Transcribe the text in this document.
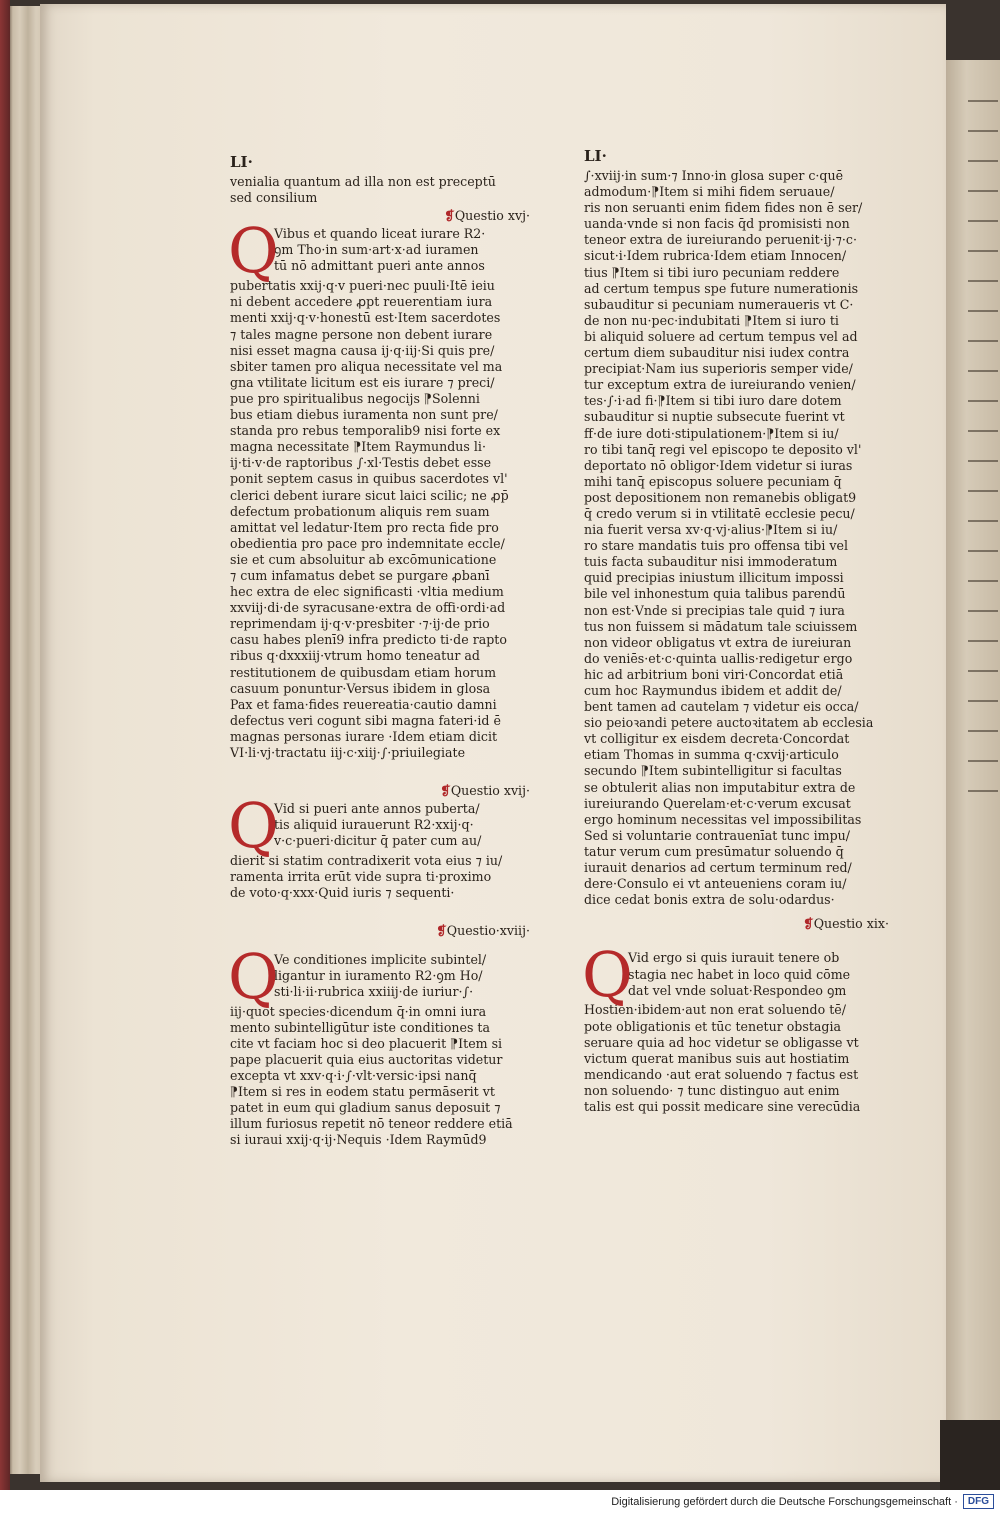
LI·
venialia quantum ad illa non est preceptū
sed consilium
❡Questio xvj·
Q
Vibus et quando liceat iurare R2·
ꝯm Tho·in sum·art·x·ad iuramen
tū nō admittant pueri ante annos
pubertatis xxij·q·v pueri·nec puuli·Itē ieiu
ni debent accedere ꝓpt reuerentiam iura
menti xxij·q·v·honestū est·Item sacerdotes
⁊ tales magne persone non debent iurare
nisi esset magna causa ij·q·iij·Si quis pre/
sbiter tamen pro aliqua necessitate vel ma
gna vtilitate licitum est eis iurare ⁊ preci/
pue pro spiritualibus negocijs ⁋Solenni
bus etiam diebus iuramenta non sunt pre/
standa pro rebus temporalib9 nisi forte ex
magna necessitate ⁋Item Raymundus li·
ij·ti·v·de raptoribus ∫·xl·Testis debet esse
ponit septem casus in quibus sacerdotes vl'
clerici debent iurare sicut laici scilic; ne ꝓp̄
defectum probationum aliquis rem suam
amittat vel ledatur·Item pro recta fide pro
obedientia pro pace pro indemnitate eccle/
sie et cum absoluitur ab excōmunicatione
⁊ cum infamatus debet se purgare ꝓbanī
hec extra de elec significasti ·vltia medium
xxviij·di·de syracusane·extra de offi·ordi·ad
reprimendam ij·q·v·presbiter ·⁊·ij·de prio
casu habes plenī9 infra predicto ti·de rapto
ribus q·dxxxiij·vtrum homo teneatur ad
restitutionem de quibusdam etiam horum
casuum ponuntur·Versus ibidem in glosa
Pax et fama·fides reuereatia·cautio damni
defectus veri cogunt sibi magna fateri·id ē
magnas personas iurare ·Idem etiam dicit
VI·li·vj·tractatu iij·c·xiij·∫·priuilegiate
❡Questio xvij·
Q
Vid si pueri ante annos puberta/
tis aliquid iurauerunt R2·xxij·q·
v·c·pueri·dicitur q̄ pater cum au/
dierit si statim contradixerit vota eius ⁊ iu/
ramenta irrita erūt vide supra ti·proximo
de voto·q·xxx·Quid iuris ⁊ sequenti·
❡Questio·xviij·
Q
Ve conditiones implicite subintel/
ligantur in iuramento R2·ꝯm Ho/
sti·li·ii·rubrica xxiiij·de iuriur·∫·
iij·quot species·dicendum q̄·in omni iura
mento subintelligūtur iste conditiones ta
cite vt faciam hoc si deo placuerit ⁋Item si
pape placuerit quia eius auctoritas videtur
excepta vt xxv·q·i·∫·vlt·versic·ipsi nanq̄
⁋Item si res in eodem statu permāserit vt
patet in eum qui gladium sanus deposuit ⁊
illum furiosus repetit nō teneor reddere etiā
si iuraui xxij·q·ij·Nequis ·Idem Raymūd9
LI·
∫·xviij·in sum·⁊ Inno·in glosa super c·quē
admodum·⁋Item si mihi fidem seruaue/
ris non seruanti enim fidem fides non ē ser/
uanda·vnde si non facis q̄d promisisti non
teneor extra de iureiurando peruenit·ij·⁊·c·
sicut·i·Idem rubrica·Idem etiam Innocen/
tius ⁋Item si tibi iuro pecuniam reddere
ad certum tempus spe future numerationis
subauditur si pecuniam numeraueris vt C·
de non nu·pec·indubitati ⁋Item si iuro ti
bi aliquid soluere ad certum tempus vel ad
certum diem subauditur nisi iudex contra
precipiat·Nam ius superioris semper vide/
tur exceptum extra de iureiurando venien/
tes·∫·i·ad fi·⁋Item si tibi iuro dare dotem
subauditur si nuptie subsecute fuerint vt
ff·de iure doti·stipulationem·⁋Item si iu/
ro tibi tanq̄ regi vel episcopo te deposito vl'
deportato nō obligor·Idem videtur si iuras
mihi tanq̄ episcopus soluere pecuniam q̄
post depositionem non remanebis obligat9
q̄ credo verum si in vtilitatē ecclesie pecu/
nia fuerit versa xv·q·vj·alius·⁋Item si iu/
ro stare mandatis tuis pro offensa tibi vel
tuis facta subauditur nisi immoderatum
quid precipias iniustum illicitum impossi
bile vel inhonestum quia talibus parendū
non est·Vnde si precipias tale quid ⁊ iura
tus non fuissem si mādatum tale sciuissem
non videor obligatus vt extra de iureiuran
do veniēs·et·c·quinta uallis·redigetur ergo
hic ad arbitrium boni viri·Concordat etiā
cum hoc Raymundus ibidem et addit de/
bent tamen ad cautelam ⁊ videtur eis occa/
sio peioꝛandi petere auctoꝛitatem ab ecclesia
vt colligitur ex eisdem decreta·Concordat
etiam Thomas in summa q·cxvij·articulo
secundo ⁋Item subintelligitur si facultas
se obtulerit alias non imputabitur extra de
iureiurando Querelam·et·c·verum excusat
ergo hominum necessitas vel impossibilitas
Sed si voluntarie contrauenīat tunc impu/
tatur verum cum presūmatur soluendo q̄
iurauit denarios ad certum terminum red/
dere·Consulo ei vt anteueniens coram iu/
dice cedat bonis extra de solu·odardus·
❡Questio xix·
Q
Vid ergo si quis iurauit tenere ob
stagia nec habet in loco quid cōme
dat vel vnde soluat·Respondeo ꝯm
Hostien·ibidem·aut non erat soluendo tē/
pote obligationis et tūc tenetur obstagia
seruare quia ad hoc videtur se obligasse vt
victum querat manibus suis aut hostiatim
mendicando ·aut erat soluendo ⁊ factus est
non soluendo· ⁊ tunc distinguo aut enim
talis est qui possit medicare sine verecūdia
Digitalisierung gefördert durch die Deutsche Forschungsgemeinschaft ·	DFG
